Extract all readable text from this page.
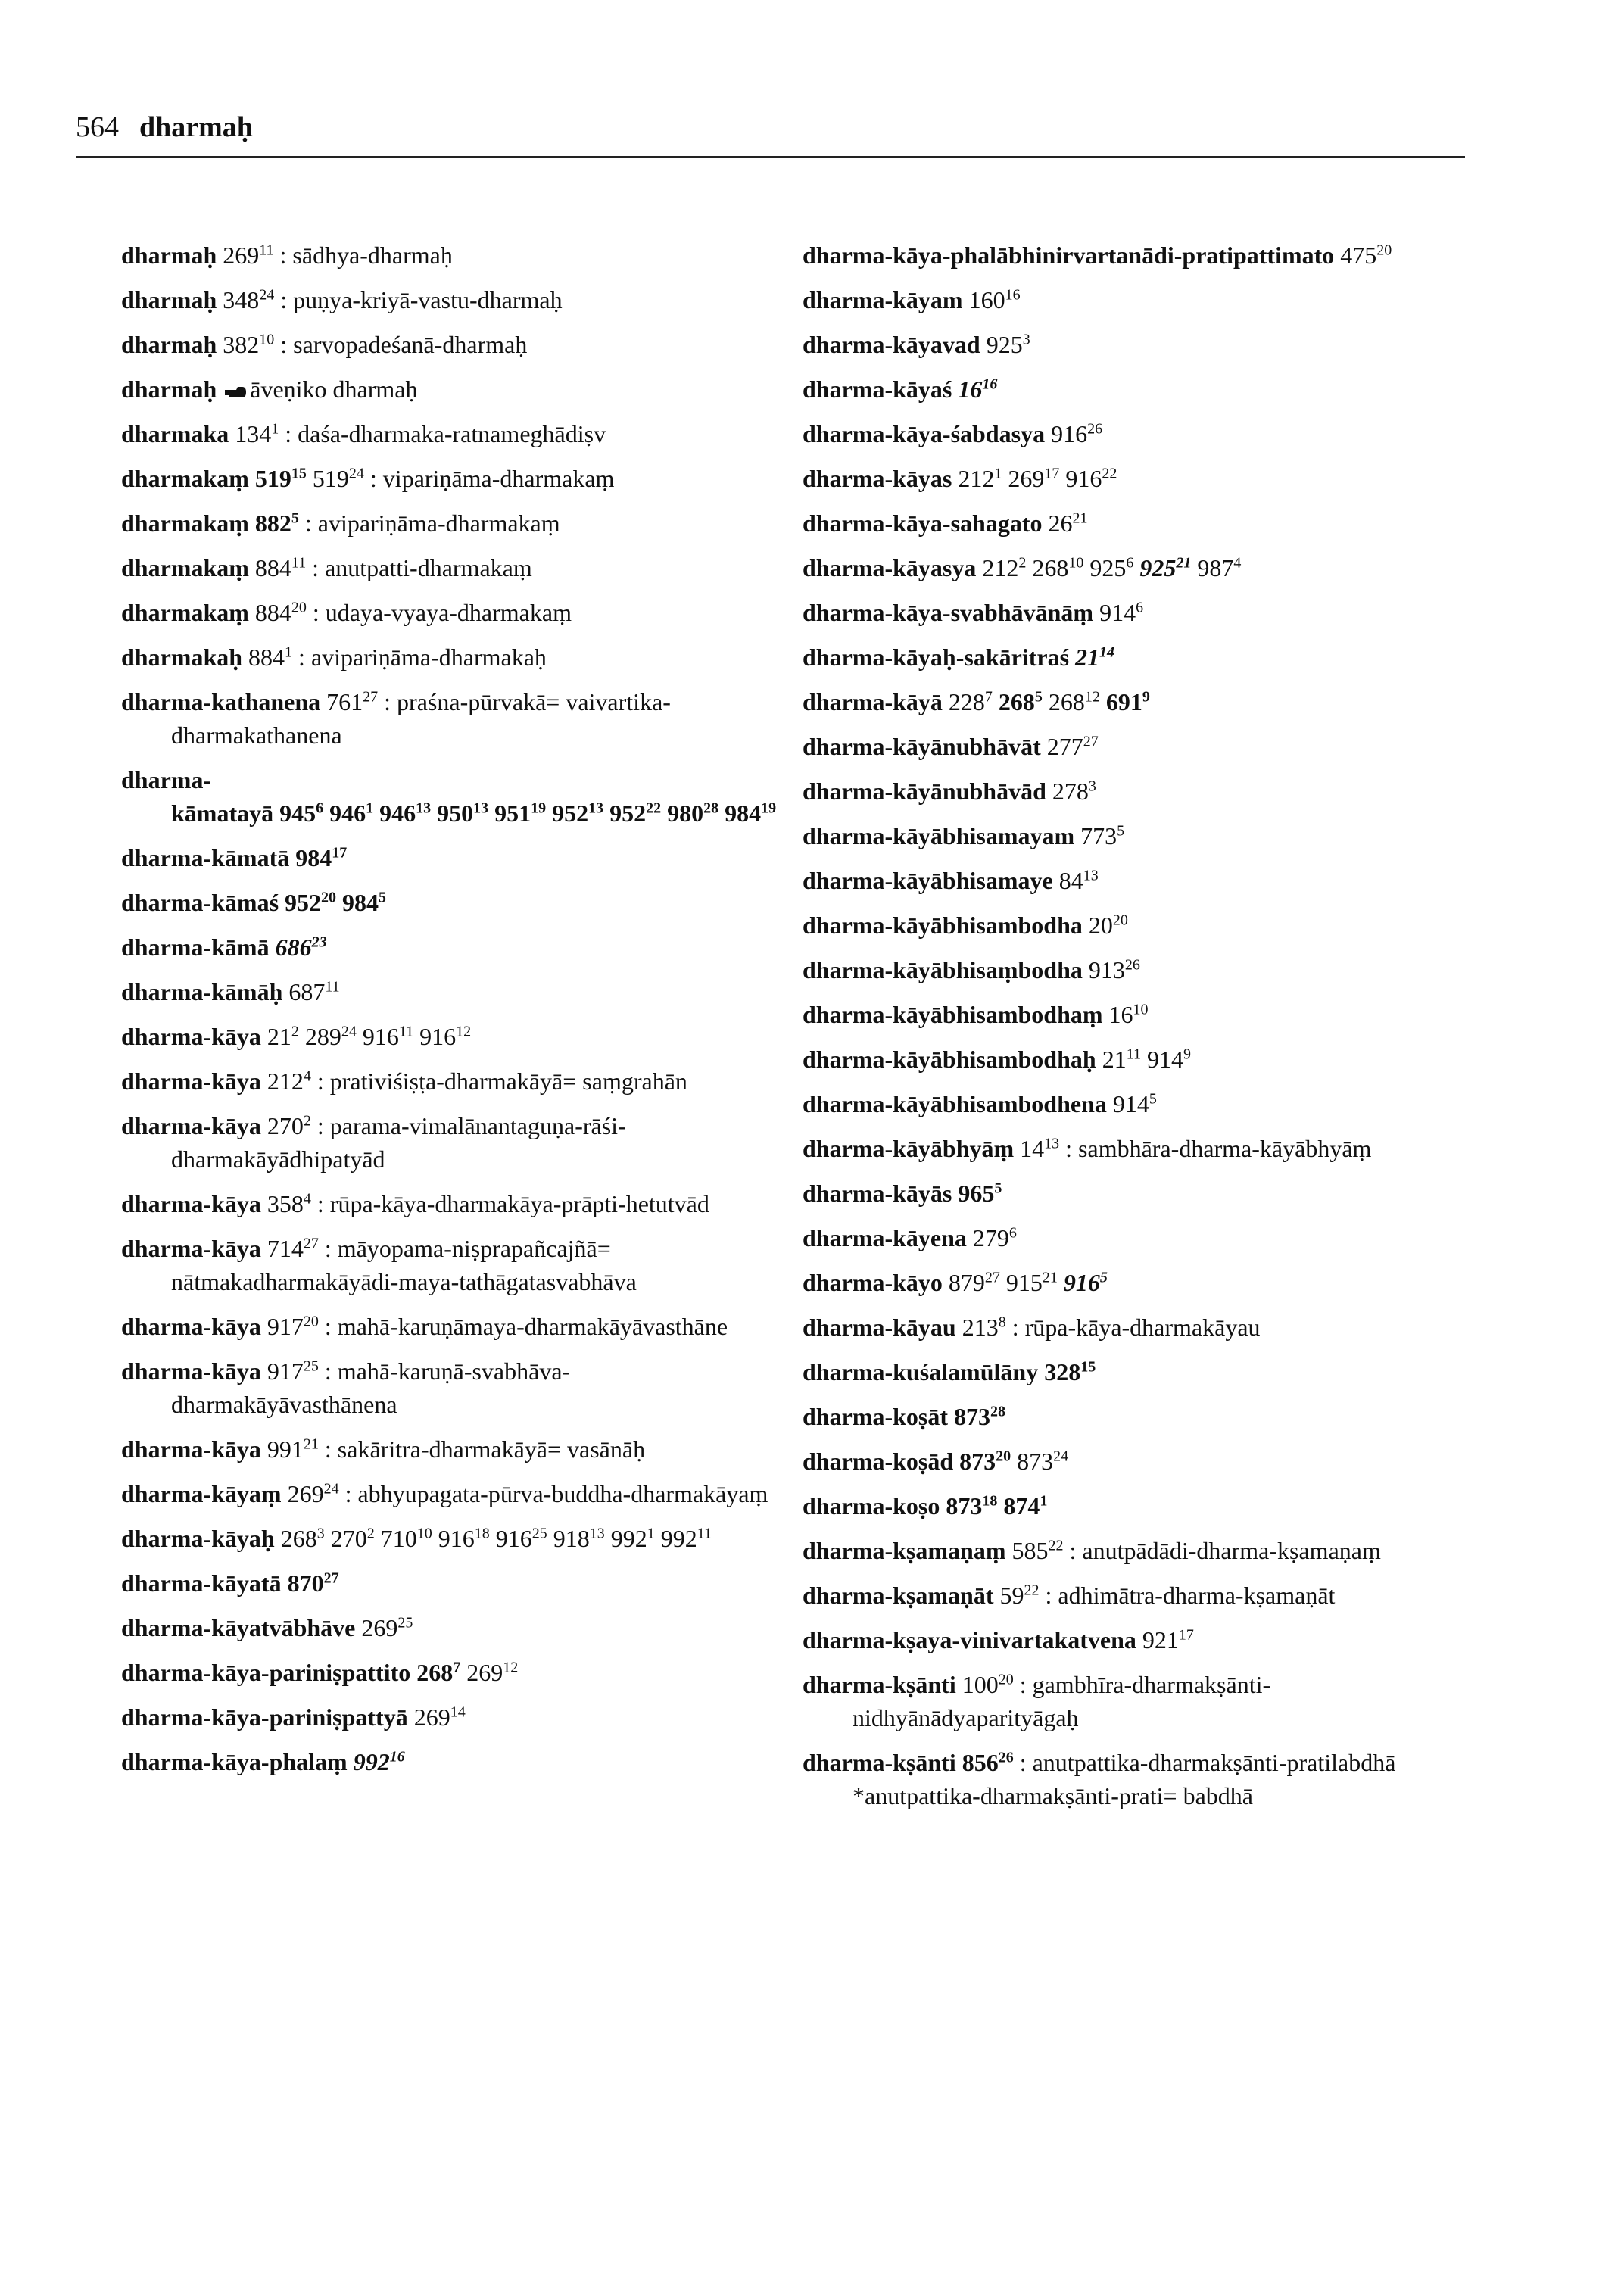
564 dharmaḥ
dharmaḥ $269^{11}$ : sādhya-dharmaḥ
dharmaḥ $348^{24}$ : puṇya-kriyā-vastu-dharmaḥ
dharmaḥ $382^{10}$ : sarvopadeśanā-dharmaḥ
dharmaḥ āveṇiko dharmaḥ
dharmaka $134^1$ : daśa-dharmaka-ratnameghādiṣv
dharmakaṃ $519^{15}$ $519^{24}$ : vipariṇāma-dharmakaṃ
dharmakaṃ $882^5$ : avipariṇāma-dharmakaṃ
dharmakaṃ $884^{11}$ : anutpatti-dharmakaṃ
dharmakaṃ $884^{20}$ : udaya-vyaya-dharmakaṃ
dharmakaḥ $884^1$ : avipariṇāma-dharmakaḥ
dharma-kathanena $761^{27}$ : praśna-pūrvakā= vaivartika-dharmakathanena
dharma-kāmatayā $945^6$ $946^1$ $946^{13}$ $950^{13}$ $951^{19}$ $952^{13}$ $952^{22}$ $980^{28}$ $984^{19}$
dharma-kāmatā $984^{17}$
dharma-kāmaś $952^{20}$ $984^5$
dharma-kāmā $686^{23}$
dharma-kāmāḥ $687^{11}$
dharma-kāya $21^2$ $289^{24}$ $916^{11}$ $916^{12}$
dharma-kāya $212^4$ : prativiśiṣṭa-dharmakāyā= saṃgrahān
dharma-kāya $270^2$ : parama-vimalānantaguṇa-rāśi-dharmakāyādhipatyād
dharma-kāya $358^4$ : rūpa-kāya-dharmakāya-prāpti-hetutvād
dharma-kāya $714^{27}$ : māyopama-niṣprapañcajñā= nātmakadharmakāyādi-maya-tathāgatasvabhāva
dharma-kāya $917^{20}$ : mahā-karuṇāmaya-dharmakāyāvasthāne
dharma-kāya $917^{25}$ : mahā-karuṇā-svabhāva-dharmakāyāvasthānena
dharma-kāya $991^{21}$ : sakāritra-dharmakāyā= vasānāḥ
dharma-kāyaṃ $269^{24}$ : abhyupagata-pūrva-buddha-dharmakāyaṃ
dharma-kāyaḥ $268^3$ $270^2$ $710^{10}$ $916^{18}$ $916^{25}$ $918^{13}$ $992^1$ $992^{11}$
dharma-kāyatā $870^{27}$
dharma-kāyatvābhāve $269^{25}$
dharma-kāya-pariniṣpattito $268^7$ $269^{12}$
dharma-kāya-pariniṣpattyā $269^{14}$
dharma-kāya-phalaṃ $992^{16}$
dharma-kāya-phalābhinirvartanādi-pratipattimato $475^{20}$
dharma-kāyam $160^{16}$
dharma-kāyavad $925^3$
dharma-kāyaś $16^{16}$
dharma-kāya-śabdasya $916^{26}$
dharma-kāyas $212^1$ $269^{17}$ $916^{22}$
dharma-kāya-sahagato $26^{21}$
dharma-kāyasya $212^2$ $268^{10}$ $925^6$ $925^{21}$ $987^4$
dharma-kāya-svabhāvānāṃ $914^6$
dharma-kāyaḥ-sakāritraś $21^{14}$
dharma-kāyā $228^7$ $268^5$ $268^{12}$ $691^9$
dharma-kāyānubhāvāt $277^{27}$
dharma-kāyānubhāvād $278^3$
dharma-kāyābhisamayam $773^5$
dharma-kāyābhisamaye $84^{13}$
dharma-kāyābhisambodha $20^{20}$
dharma-kāyābhisaṃbodha $913^{26}$
dharma-kāyābhisambodhaṃ $16^{10}$
dharma-kāyābhisambodhaḥ $21^{11}$ $914^9$
dharma-kāyābhisambodhena $914^5$
dharma-kāyābhyāṃ $14^{13}$ : sambhāra-dharma-kāyābhyāṃ
dharma-kāyās $965^5$
dharma-kāyena $279^6$
dharma-kāyo $879^{27}$ $915^{21}$ $916^5$
dharma-kāyau $213^8$ : rūpa-kāya-dharmakāyau
dharma-kuśalamūlāny $328^{15}$
dharma-koṣāt $873^{28}$
dharma-koṣād $873^{20}$ $873^{24}$
dharma-koṣo $873^{18}$ $874^1$
dharma-kṣamaṇaṃ $585^{22}$ : anutpādādi-dharma-kṣamaṇaṃ
dharma-kṣamaṇāt $59^{22}$ : adhimātra-dharma-kṣamaṇāt
dharma-kṣaya-vinivartakatvena $921^{17}$
dharma-kṣānti $100^{20}$ : gambhīra-dharmakṣānti-nidhyānādyaparityāgaḥ
dharma-kṣānti $856^{26}$ : anutpattika-dharmakṣānti-pratilabdhā *anutpattika-dharmakṣānti-prati= babdhā
